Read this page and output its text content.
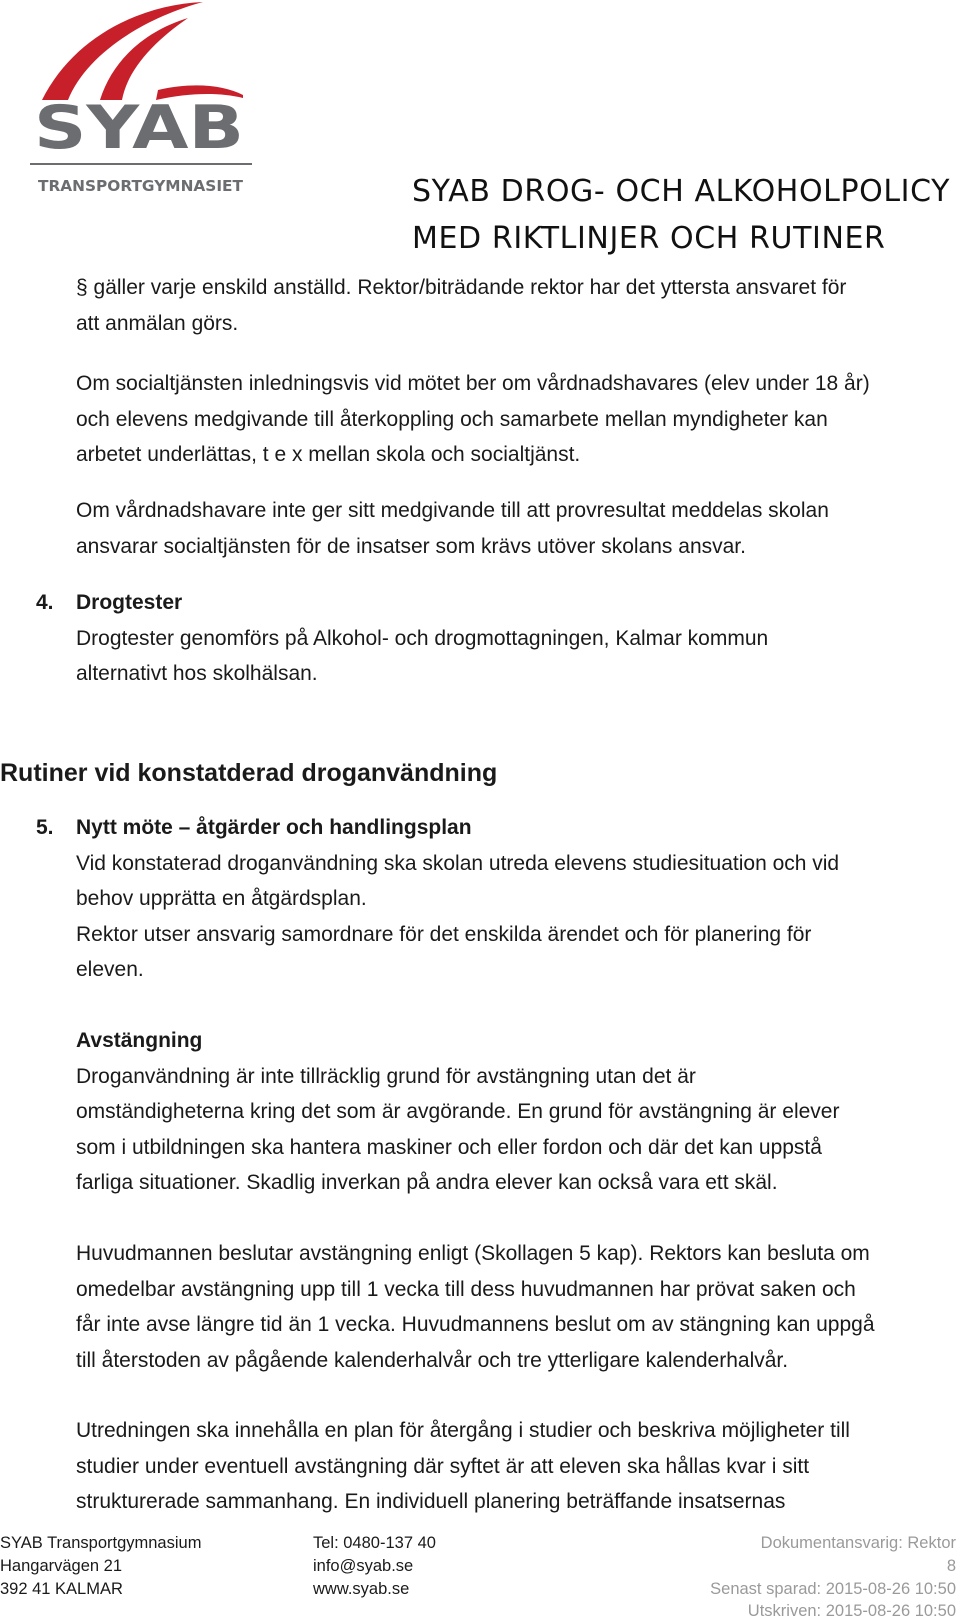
SYAB
TRANSPORTGYMNASIET	SYAB DROG- OCH ALKOHOLPOLICY
MED RIKTLINJER OCH RUTINER
§ gäller varje enskild anställd. Rektor/biträdande rektor har det yttersta ansvaret för
att anmälan görs.
Om socialtjänsten inledningsvis vid mötet ber om vårdnadshavares (elev under 18 år)
och elevens medgivande till återkoppling och samarbete mellan myndigheter kan
arbetet underlättas, t e x mellan skola och socialtjänst.
Om vårdnadshavare inte ger sitt medgivande till att provresultat meddelas skolan
ansvarar socialtjänsten för de insatser som krävs utöver skolans ansvar.
4. Drogtester
Drogtester genomförs på Alkohol- och drogmottagningen, Kalmar kommun
alternativt hos skolhälsan.
Rutiner vid konstatderad droganvändning
5. Nytt möte – åtgärder och handlingsplan
Vid konstaterad droganvändning ska skolan utreda elevens studiesituation och vid
behov upprätta en åtgärdsplan.
Rektor utser ansvarig samordnare för det enskilda ärendet och för planering för
eleven.
Avstängning
Droganvändning är inte tillräcklig grund för avstängning utan det är
omständigheterna kring det som är avgörande. En grund för avstängning är elever
som i utbildningen ska hantera maskiner och eller fordon och där det kan uppstå
farliga situationer. Skadlig inverkan på andra elever kan också vara ett skäl.
Huvudmannen beslutar avstängning enligt (Skollagen 5 kap). Rektors kan besluta om
omedelbar avstängning upp till 1 vecka till dess huvudmannen har prövat saken och
får inte avse längre tid än 1 vecka. Huvudmannens beslut om av stängning kan uppgå
till återstoden av pågående kalenderhalvår och tre ytterligare kalenderhalvår.
Utredningen ska innehålla en plan för återgång i studier och beskriva möjligheter till
studier under eventuell avstängning där syftet är att eleven ska hållas kvar i sitt
strukturerade sammanhang. En individuell planering beträffande insatsernas
SYAB Transportgymnasium
Hangarvägen 21
392 41 KALMAR
Tel: 0480-137 40
info@syab.se
www.syab.se
Dokumentansvarig: Rektor
8
Senast sparad: 2015-08-26 10:50
Utskriven: 2015-08-26 10:50
